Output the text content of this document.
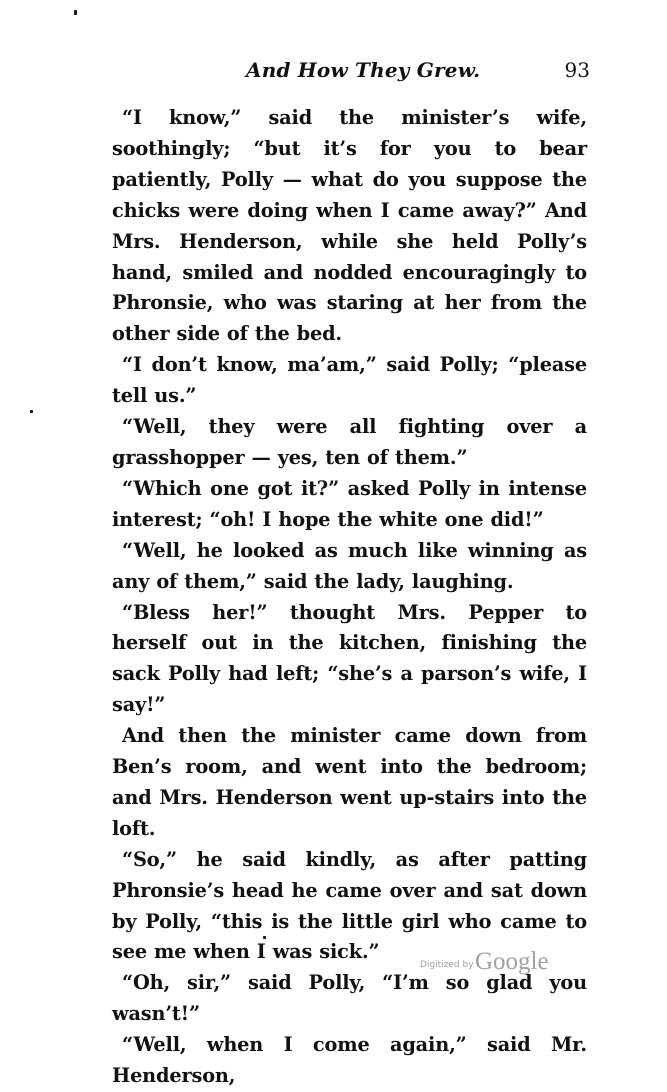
And How They Grew.	93

“I know,” said the minister’s wife, soothingly; “but it’s for you to bear patiently, Polly — what do you suppose the chicks were doing when I came away?” And Mrs. Henderson, while she held Polly’s hand, smiled and nodded encouragingly to Phronsie, who was staring at her from the other side of the bed.

“I don’t know, ma’am,” said Polly; “please tell us.”

“Well, they were all fighting over a grasshopper — yes, ten of them.”

“Which one got it?” asked Polly in intense interest; “oh! I hope the white one did!”

“Well, he looked as much like winning as any of them,” said the lady, laughing.

“Bless her!” thought Mrs. Pepper to herself out in the kitchen, finishing the sack Polly had left; “she’s a parson’s wife, I say!”

And then the minister came down from Ben’s room, and went into the bedroom; and Mrs. Henderson went up-stairs into the loft.

“So,” he said kindly, as after patting Phronsie’s head he came over and sat down by Polly, “this is the little girl who came to see me when I was sick.”

“Oh, sir,” said Polly, “I’m so glad you wasn’t!”

“Well, when I come again,” said Mr. Henderson,

Digitized by Google
